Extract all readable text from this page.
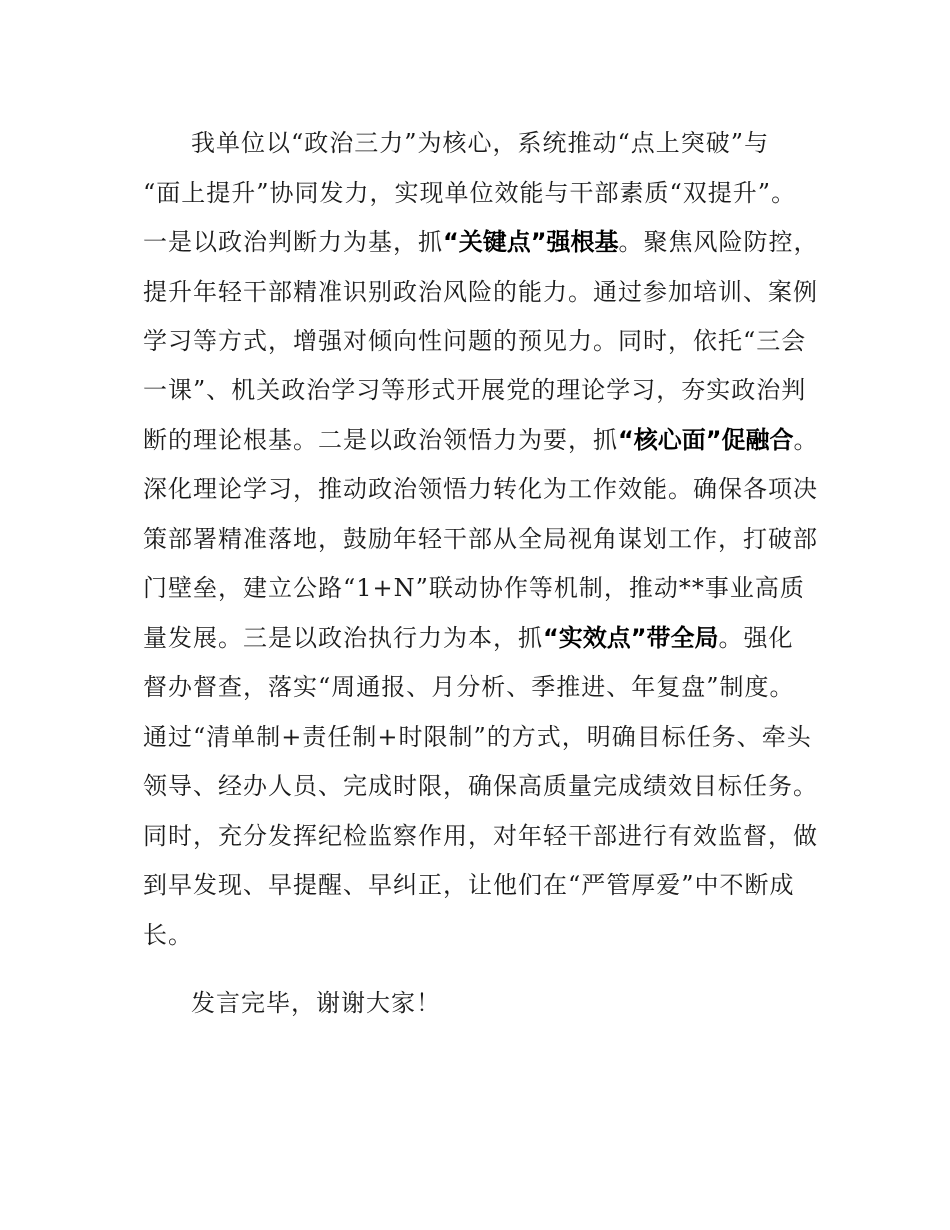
我单位以“政治三力”为核心，系统推动“点上突破”与
“面上提升”协同发力，实现单位效能与干部素质“双提升”。
一是以政治判断力为基，抓“关键点”强根基。聚焦风险防控，
提升年轻干部精准识别政治风险的能力。通过参加培训、案例
学习等方式，增强对倾向性问题的预见力。同时，依托“三会
一课”、机关政治学习等形式开展党的理论学习，夯实政治判
断的理论根基。二是以政治领悟力为要，抓“核心面”促融合。
深化理论学习，推动政治领悟力转化为工作效能。确保各项决
策部署精准落地，鼓励年轻干部从全局视角谋划工作，打破部
门壁垒，建立公路“1+N”联动协作等机制，推动**事业高质
量发展。三是以政治执行力为本，抓“实效点”带全局。强化
督办督查，落实“周通报、月分析、季推进、年复盘”制度。
通过“清单制+责任制+时限制”的方式，明确目标任务、牵头
领导、经办人员、完成时限，确保高质量完成绩效目标任务。
同时，充分发挥纪检监察作用，对年轻干部进行有效监督，做
到早发现、早提醒、早纠正，让他们在“严管厚爱”中不断成
长。
发言完毕，谢谢大家！
